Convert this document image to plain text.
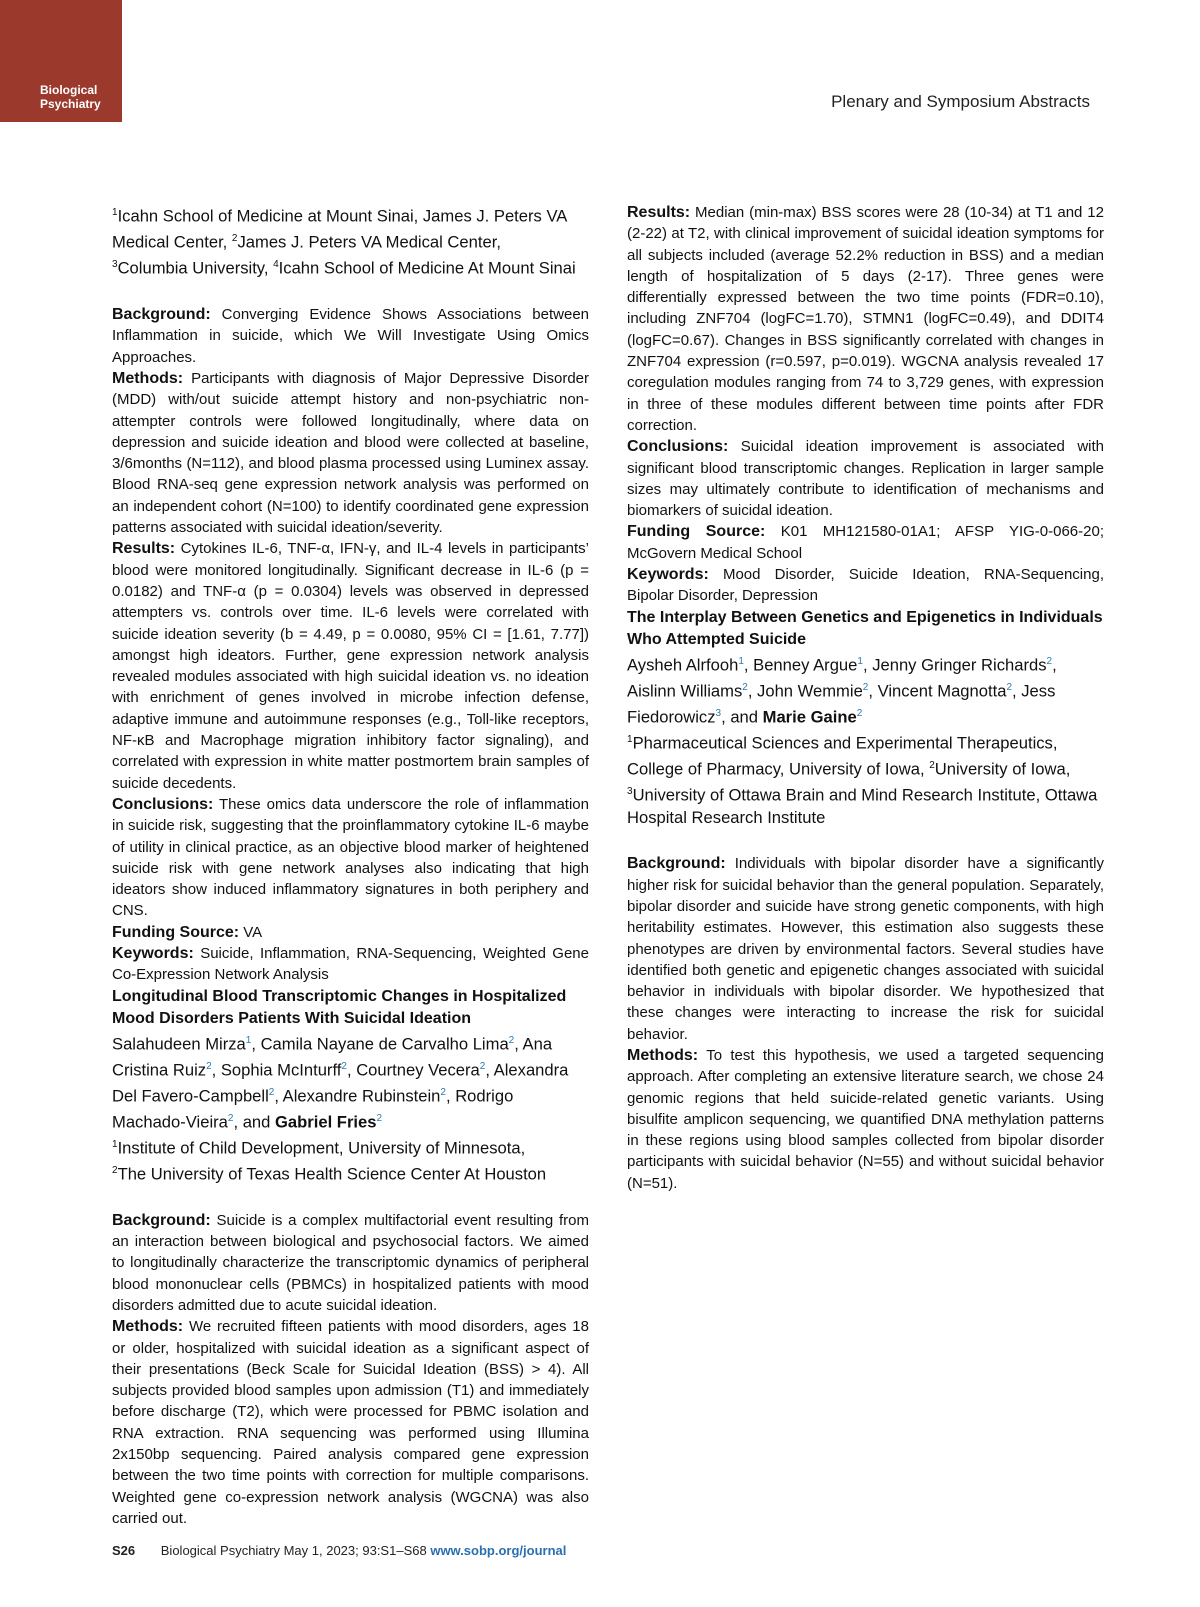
Biological
Psychiatry	Plenary and Symposium Abstracts

$^1$Icahn School of Medicine at Mount Sinai, James J. Peters VA Medical Center, $^2$James J. Peters VA Medical Center,
$^3$Columbia University, $^4$Icahn School of Medicine At Mount Sinai

Background: Converging Evidence Shows Associations between Inflammation in suicide, which We Will Investigate Using Omics Approaches.

Methods: Participants with diagnosis of Major Depressive Disorder (MDD) with/out suicide attempt history and non-psychiatric non-attempter controls were followed longitudinally, where data on depression and suicide ideation and blood were collected at baseline, 3/6months (N=112), and blood plasma processed using Luminex assay. Blood RNA-seq gene expression network analysis was performed on an independent cohort (N=100) to identify coordinated gene expression patterns associated with suicidal ideation/severity.

Results: Cytokines IL-6, TNF-α, IFN-γ, and IL-4 levels in participants’ blood were monitored longitudinally. Significant decrease in IL-6 (p = 0.0182) and TNF-α (p = 0.0304) levels was observed in depressed attempters vs. controls over time. IL-6 levels were correlated with suicide ideation severity (b = 4.49, p = 0.0080, 95% CI = [1.61, 7.77]) amongst high ideators. Further, gene expression network analysis revealed modules associated with high suicidal ideation vs. no ideation with enrichment of genes involved in microbe infection defense, adaptive immune and autoimmune responses (e.g., Toll-like receptors, NF-κB and Macrophage migration inhibitory factor signaling), and correlated with expression in white matter postmortem brain samples of suicide decedents.

Conclusions: These omics data underscore the role of inflammation in suicide risk, suggesting that the proinflammatory cytokine IL-6 maybe of utility in clinical practice, as an objective blood marker of heightened suicide risk with gene network analyses also indicating that high ideators show induced inflammatory signatures in both periphery and CNS.

Funding Source: VA

Keywords: Suicide, Inflammation, RNA-Sequencing, Weighted Gene Co-Expression Network Analysis

Longitudinal Blood Transcriptomic Changes in Hospitalized Mood Disorders Patients With Suicidal Ideation

Salahudeen Mirza$^1$, Camila Nayane de Carvalho Lima$^2$, Ana Cristina Ruiz$^2$, Sophia McInturff$^2$, Courtney Vecera$^2$, Alexandra Del Favero-Campbell$^2$, Alexandre Rubinstein$^2$, Rodrigo Machado-Vieira$^2$, and Gabriel Fries$^2$

$^1$Institute of Child Development, University of Minnesota,
$^2$The University of Texas Health Science Center At Houston

Background: Suicide is a complex multifactorial event resulting from an interaction between biological and psychosocial factors. We aimed to longitudinally characterize the transcriptomic dynamics of peripheral blood mononuclear cells (PBMCs) in hospitalized patients with mood disorders admitted due to acute suicidal ideation.

Methods: We recruited fifteen patients with mood disorders, ages 18 or older, hospitalized with suicidal ideation as a significant aspect of their presentations (Beck Scale for Suicidal Ideation (BSS) > 4). All subjects provided blood samples upon admission (T1) and immediately before discharge (T2), which were processed for PBMC isolation and RNA extraction. RNA sequencing was performed using Illumina 2x150bp sequencing. Paired analysis compared gene expression between the two time points with correction for multiple comparisons. Weighted gene co-expression network analysis (WGCNA) was also carried out.

Results: Median (min-max) BSS scores were 28 (10-34) at T1 and 12 (2-22) at T2, with clinical improvement of suicidal ideation symptoms for all subjects included (average 52.2% reduction in BSS) and a median length of hospitalization of 5 days (2-17). Three genes were differentially expressed between the two time points (FDR=0.10), including ZNF704 (logFC=1.70), STMN1 (logFC=0.49), and DDIT4 (logFC=0.67). Changes in BSS significantly correlated with changes in ZNF704 expression (r=0.597, p=0.019). WGCNA analysis revealed 17 coregulation modules ranging from 74 to 3,729 genes, with expression in three of these modules different between time points after FDR correction.

Conclusions: Suicidal ideation improvement is associated with significant blood transcriptomic changes. Replication in larger sample sizes may ultimately contribute to identification of mechanisms and biomarkers of suicidal ideation.

Funding Source: K01 MH121580-01A1; AFSP YIG-0-066-20; McGovern Medical School

Keywords: Mood Disorder, Suicide Ideation, RNA-Sequencing, Bipolar Disorder, Depression

The Interplay Between Genetics and Epigenetics in Individuals Who Attempted Suicide

Aysheh Alrfooh$^1$, Benney Argue$^1$, Jenny Gringer Richards$^2$, Aislinn Williams$^2$, John Wemmie$^2$, Vincent Magnotta$^2$, Jess Fiedorowicz$^3$, and Marie Gaine$^2$

$^1$Pharmaceutical Sciences and Experimental Therapeutics, College of Pharmacy, University of Iowa, $^2$University of Iowa, $^3$University of Ottawa Brain and Mind Research Institute, Ottawa Hospital Research Institute

Background: Individuals with bipolar disorder have a significantly higher risk for suicidal behavior than the general population. Separately, bipolar disorder and suicide have strong genetic components, with high heritability estimates. However, this estimation also suggests these phenotypes are driven by environmental factors. Several studies have identified both genetic and epigenetic changes associated with suicidal behavior in individuals with bipolar disorder. We hypothesized that these changes were interacting to increase the risk for suicidal behavior.

Methods: To test this hypothesis, we used a targeted sequencing approach. After completing an extensive literature search, we chose 24 genomic regions that held suicide-related genetic variants. Using bisulfite amplicon sequencing, we quantified DNA methylation patterns in these regions using blood samples collected from bipolar disorder participants with suicidal behavior (N=55) and without suicidal behavior (N=51).

S26 Biological Psychiatry May 1, 2023; 93:S1–S68 www.sobp.org/journal
